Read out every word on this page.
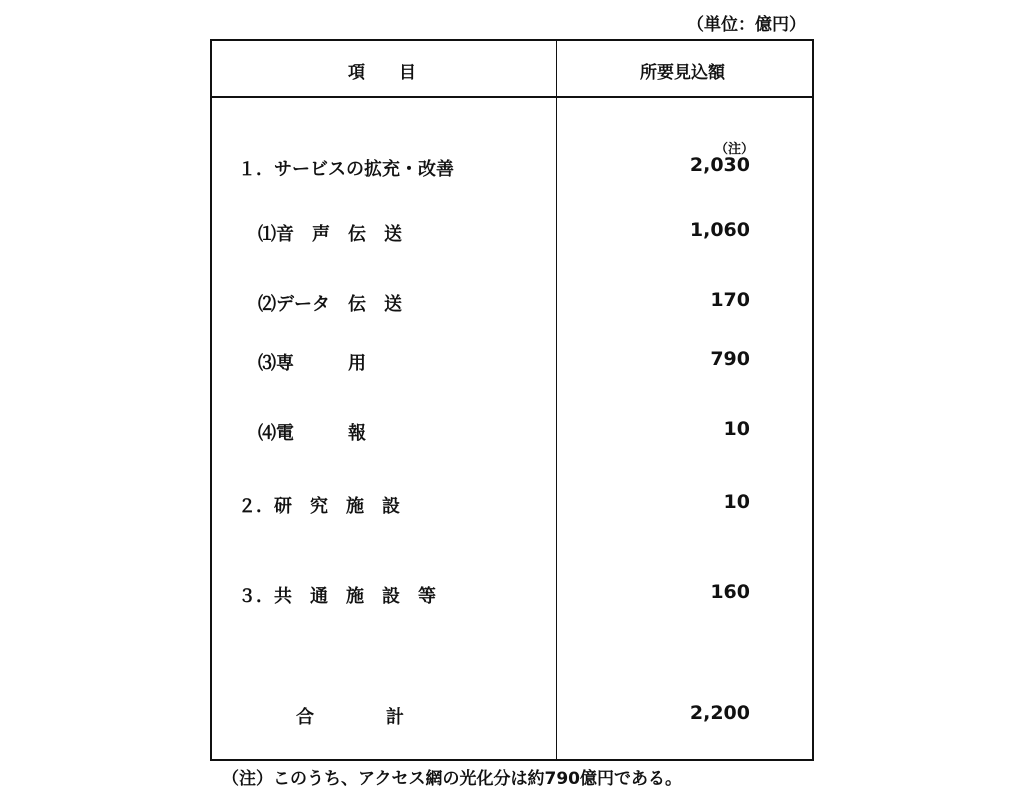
（単位：億円）
項　　目	所要見込額
（注）
１．サービスの拡充・改善	2,030
⑴音　声　伝　送	1,060
⑵データ　伝　送	170
⑶専　　　用	790
⑷電　　　報	10
２．研　究　施　設	10
３．共　通　施　設　等	160
合　　　　計	2,200
（注）このうち、アクセス網の光化分は約790億円である。
